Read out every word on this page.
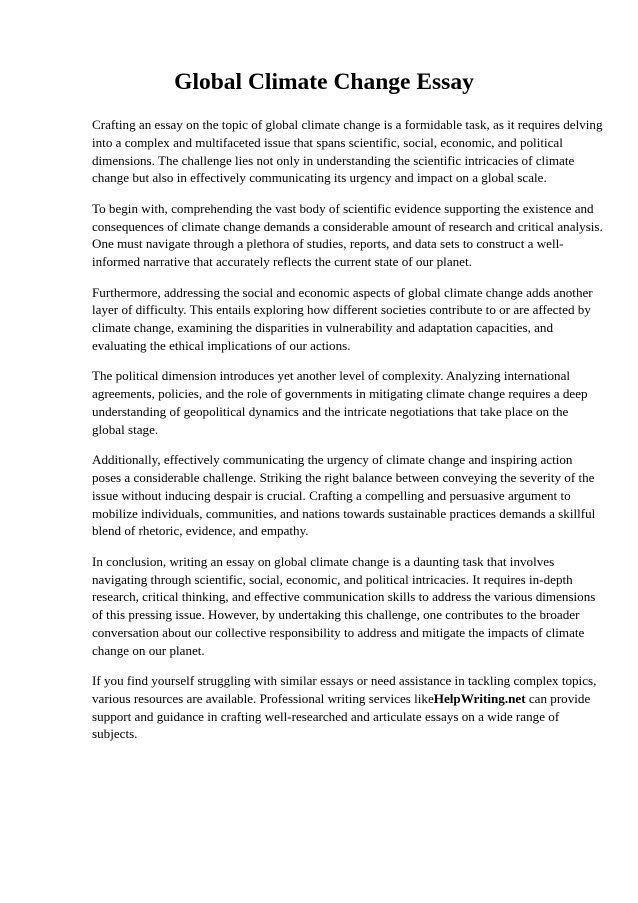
Global Climate Change Essay

Crafting an essay on the topic of global climate change is a formidable task, as it requires delving into a complex and multifaceted issue that spans scientific, social, economic, and political dimensions. The challenge lies not only in understanding the scientific intricacies of climate change but also in effectively communicating its urgency and impact on a global scale.

To begin with, comprehending the vast body of scientific evidence supporting the existence and consequences of climate change demands a considerable amount of research and critical analysis. One must navigate through a plethora of studies, reports, and data sets to construct a well-informed narrative that accurately reflects the current state of our planet.

Furthermore, addressing the social and economic aspects of global climate change adds another layer of difficulty. This entails exploring how different societies contribute to or are affected by climate change, examining the disparities in vulnerability and adaptation capacities, and evaluating the ethical implications of our actions.

The political dimension introduces yet another level of complexity. Analyzing international agreements, policies, and the role of governments in mitigating climate change requires a deep understanding of geopolitical dynamics and the intricate negotiations that take place on the global stage.

Additionally, effectively communicating the urgency of climate change and inspiring action poses a considerable challenge. Striking the right balance between conveying the severity of the issue without inducing despair is crucial. Crafting a compelling and persuasive argument to mobilize individuals, communities, and nations towards sustainable practices demands a skillful blend of rhetoric, evidence, and empathy.

In conclusion, writing an essay on global climate change is a daunting task that involves navigating through scientific, social, economic, and political intricacies. It requires in-depth research, critical thinking, and effective communication skills to address the various dimensions of this pressing issue. However, by undertaking this challenge, one contributes to the broader conversation about our collective responsibility to address and mitigate the impacts of climate change on our planet.

If you find yourself struggling with similar essays or need assistance in tackling complex topics, various resources are available. Professional writing services likeHelpWriting.net can provide support and guidance in crafting well-researched and articulate essays on a wide range of subjects.
